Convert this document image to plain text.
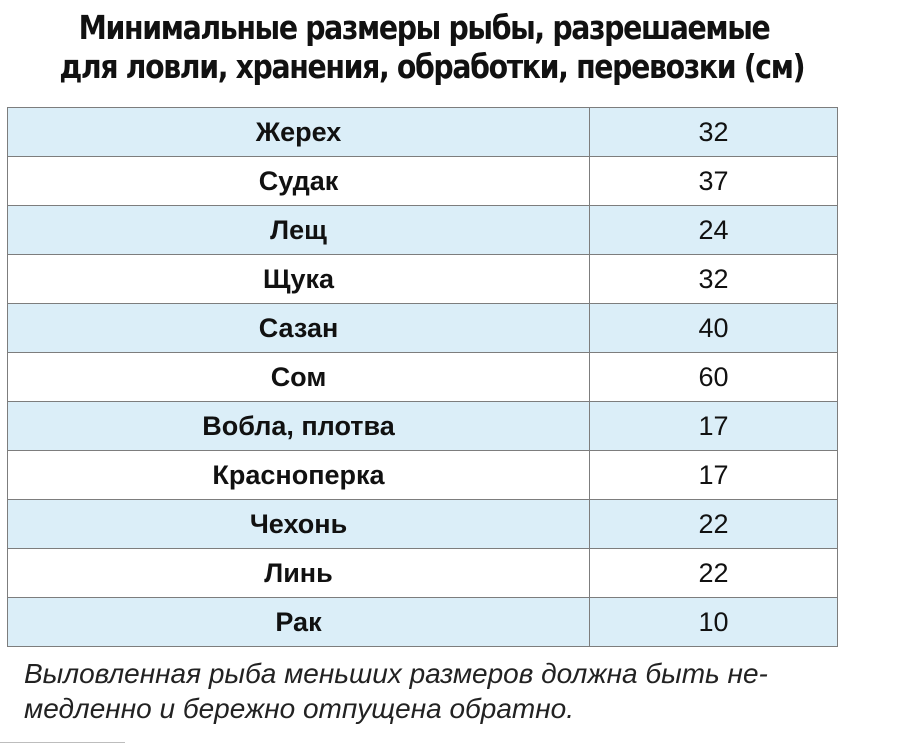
Минимальные размеры рыбы, разрешаемые
для ловли, хранения, обработки, перевозки (см)
Жерех	32
Судак	37
Лещ	24
Щука	32
Сазан	40
Сом	60
Вобла, плотва	17
Красноперка	17
Чехонь	22
Линь	22
Рак	10
Выловленная рыба меньших размеров должна быть не-
медленно и бережно отпущена обратно.
